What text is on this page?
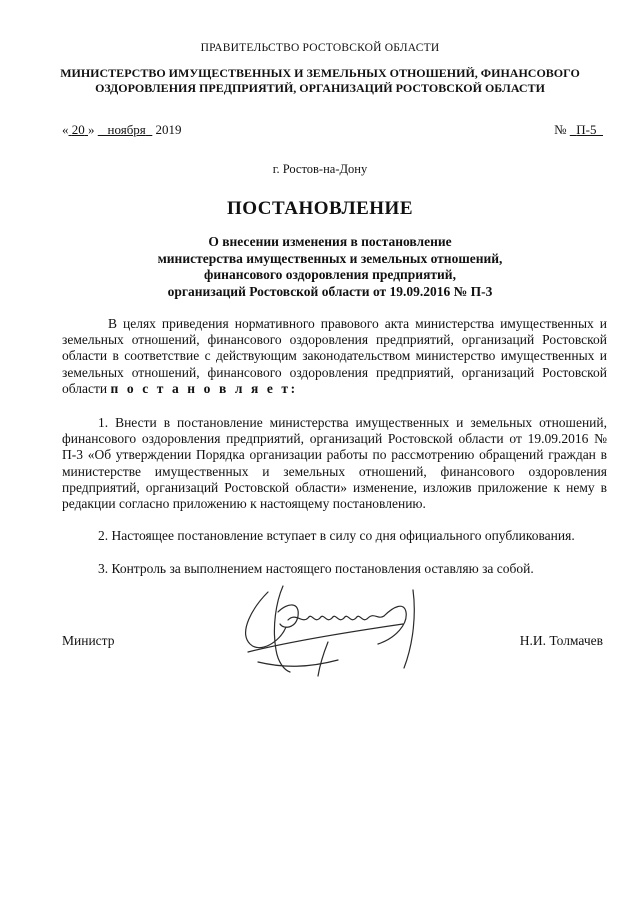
ПРАВИТЕЛЬСТВО РОСТОВСКОЙ ОБЛАСТИ
МИНИСТЕРСТВО ИМУЩЕСТВЕННЫХ И ЗЕМЕЛЬНЫХ ОТНОШЕНИЙ, ФИНАНСОВОГО
ОЗДОРОВЛЕНИЯ ПРЕДПРИЯТИЙ, ОРГАНИЗАЦИЙ РОСТОВСКОЙ ОБЛАСТИ
« 20 » ноября 2019	№ П-5
г. Ростов-на-Дону
ПОСТАНОВЛЕНИЕ
О внесении изменения в постановление
министерства имущественных и земельных отношений,
финансового оздоровления предприятий,
организаций Ростовской области от 19.09.2016 № П-3
В целях приведения нормативного правового акта министерства имущественных и земельных отношений, финансового оздоровления предприятий, организаций Ростовской области в соответствие с действующим законодательством министерство имущественных и земельных отношений, финансового оздоровления предприятий, организаций Ростовской области п о с т а н о в л я е т:
1. Внести в постановление министерства имущественных и земельных отношений, финансового оздоровления предприятий, организаций Ростовской области от 19.09.2016 № П-3 «Об утверждении Порядка организации работы по рассмотрению обращений граждан в министерстве имущественных и земельных отношений, финансового оздоровления предприятий, организаций Ростовской области» изменение, изложив приложение к нему в редакции согласно приложению к настоящему постановлению.
2. Настоящее постановление вступает в силу со дня официального опубликования.
3. Контроль за выполнением настоящего постановления оставляю за собой.
Министр	Н.И. Толмачев
